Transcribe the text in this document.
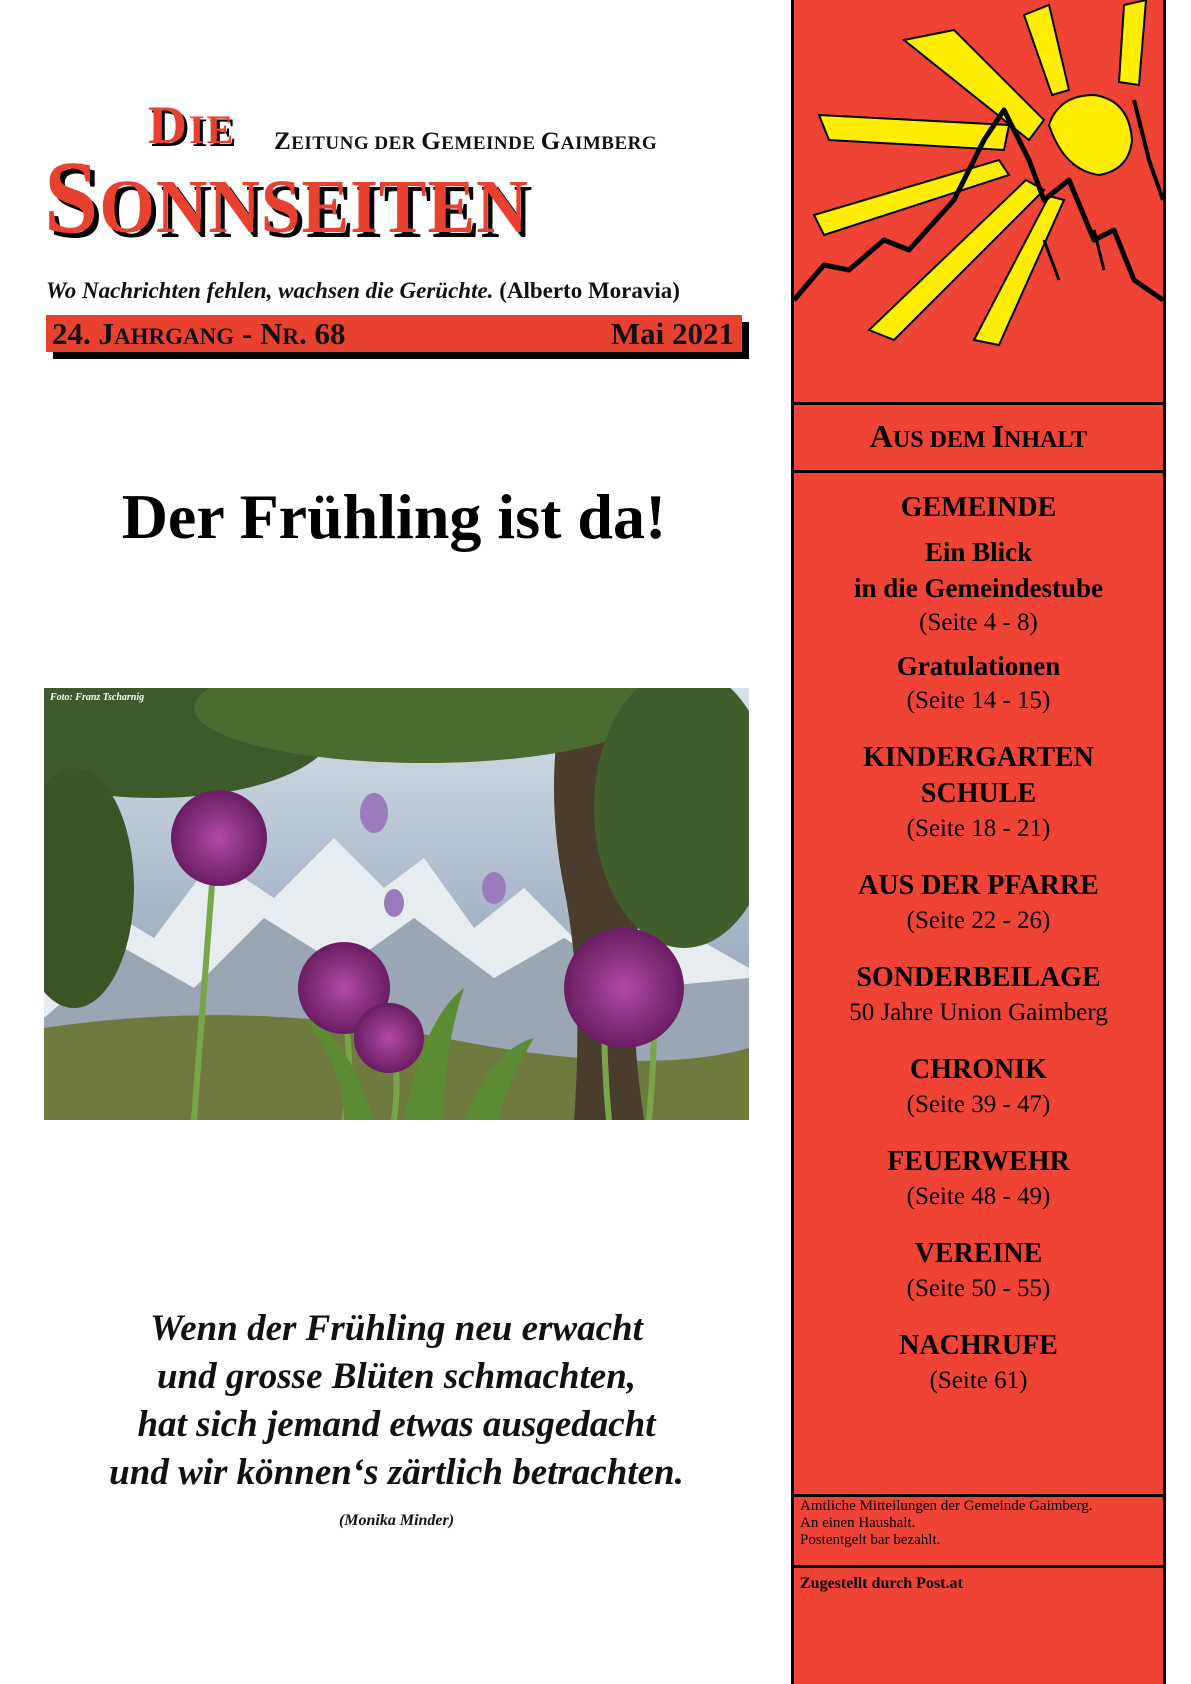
DIE ZEITUNG DER GEMEINDE GAIMBERG
SONNSEITEN
Wo Nachrichten fehlen, wachsen die Gerüchte. (Alberto Moravia)
24. JAHRGANG - NR. 68	Mai 2021
Der Frühling ist da!
Foto: Franz Tscharnig
Wenn der Frühling neu erwacht
und grosse Blüten schmachten,
hat sich jemand etwas ausgedacht
und wir können‘s zärtlich betrachten.
(Monika Minder)
AUS DEM INHALT
GEMEINDE
Ein Blick
in die Gemeindestube
(Seite 4 - 8)
Gratulationen
(Seite 14 - 15)
KINDERGARTEN
SCHULE
(Seite 18 - 21)
AUS DER PFARRE
(Seite 22 - 26)
SONDERBEILAGE
50 Jahre Union Gaimberg
CHRONIK
(Seite 39 - 47)
FEUERWEHR
(Seite 48 - 49)
VEREINE
(Seite 50 - 55)
NACHRUFE
(Seite 61)
Amtliche Mitteilungen der Gemeinde Gaimberg.
An einen Haushalt.
Postentgelt bar bezahlt.
Zugestellt durch Post.at
